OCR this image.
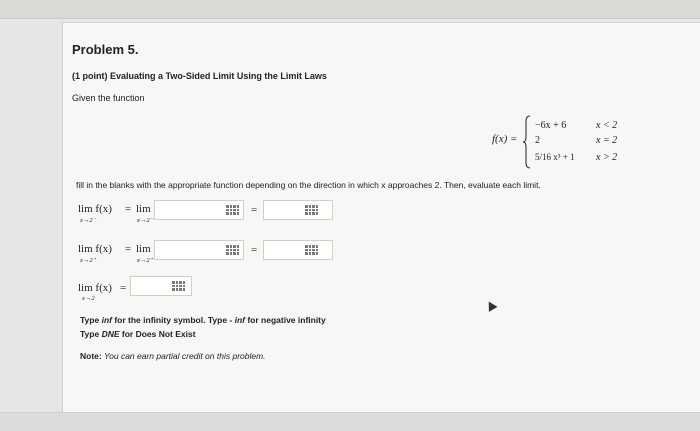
Problem 5.
(1 point) Evaluating a Two-Sided Limit Using the Limit Laws
Given the function
f(x) =
−6x + 6	x < 2
2	x = 2
5/16 x³ + 1 x > 2
fill in the blanks with the appropriate function depending on the direction in which x approaches 2. Then, evaluate each limit.
lim f(x)
x→2⁻
= lim
x→2⁻
=
lim f(x)
x→2⁺
= lim
x→2⁺
=
lim f(x)
x→2
=
Type inf for the infinity symbol. Type - inf for negative infinity
Type DNE for Does Not Exist
Note: You can earn partial credit on this problem.
